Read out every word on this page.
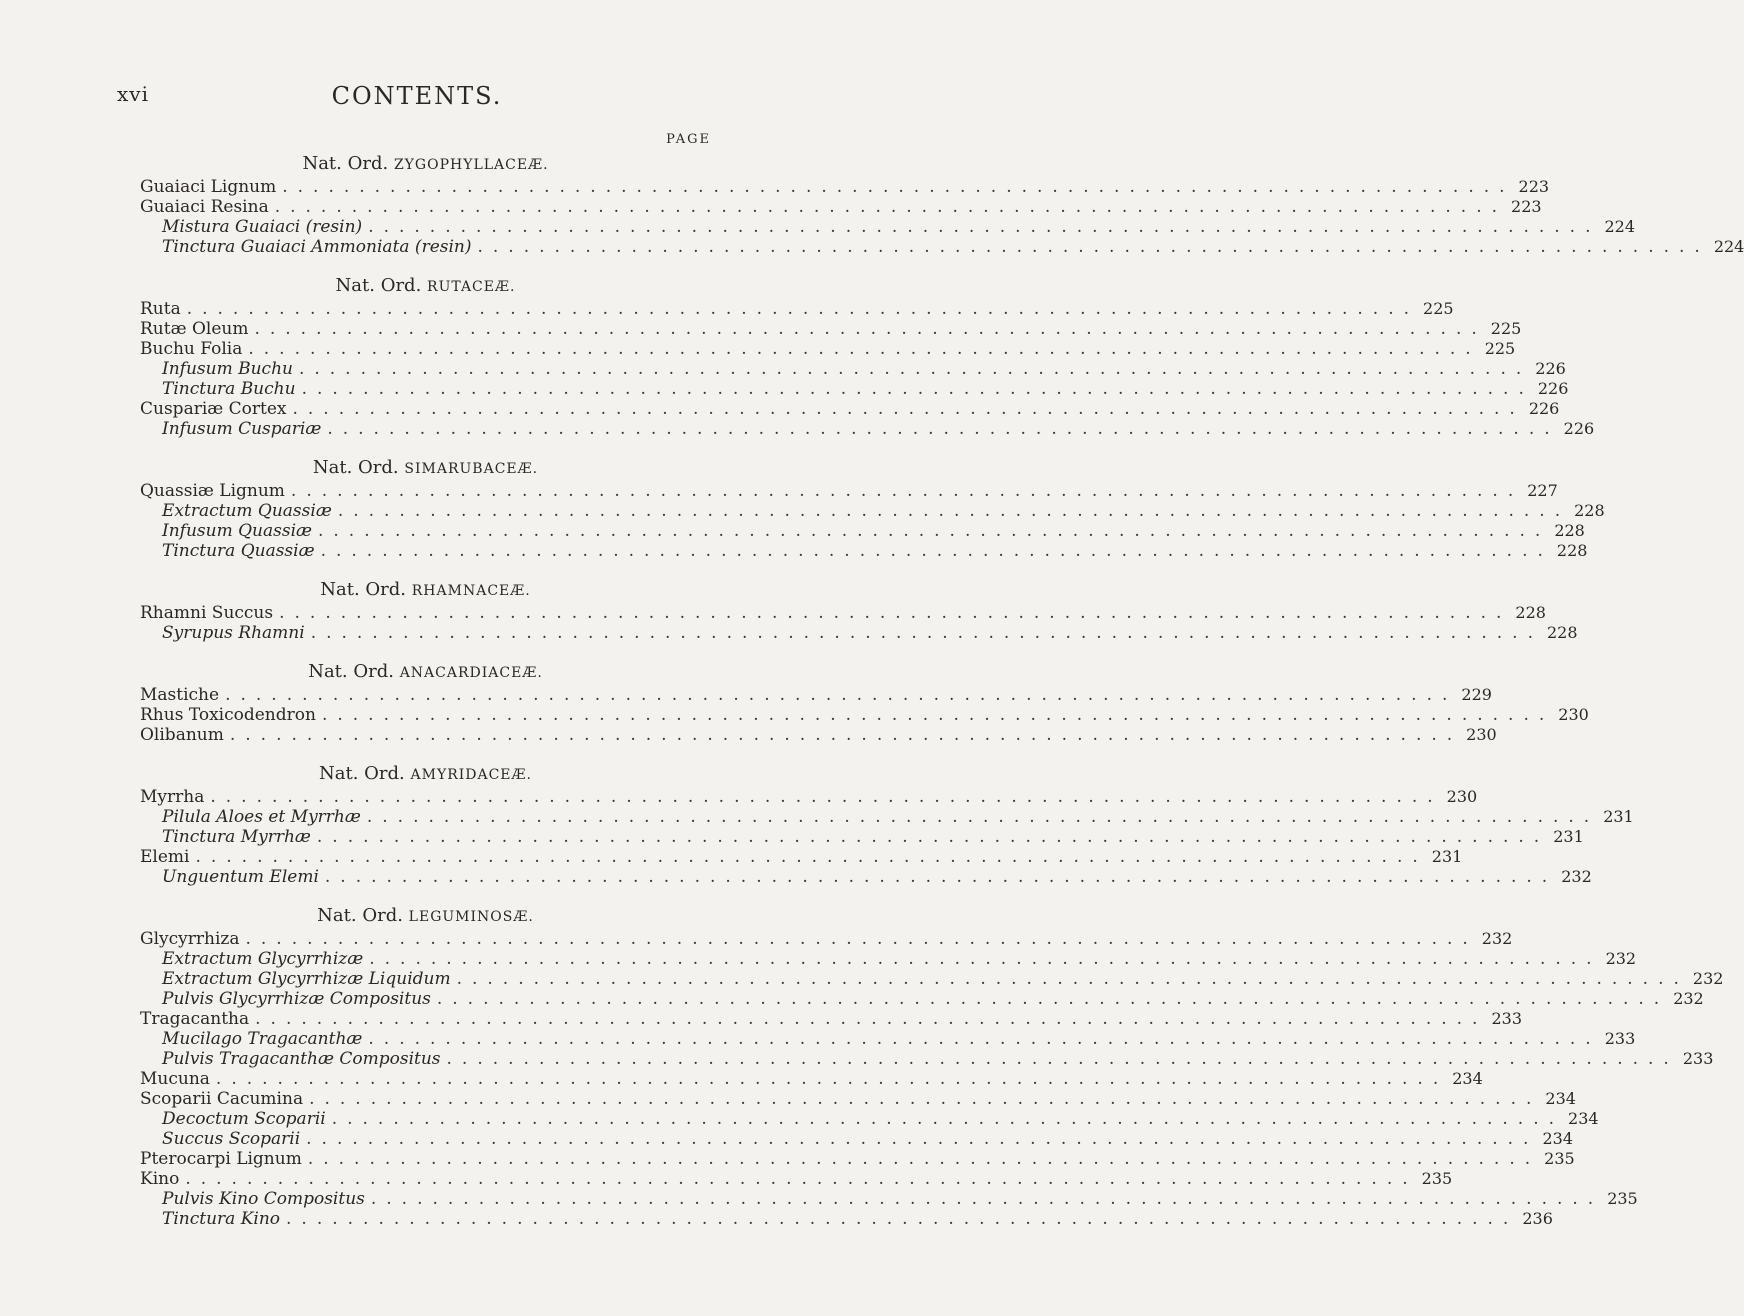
xvi	CONTENTS.
PAGE
Nat. Ord. ZYGOPHYLLACEÆ.
Guaiaci Lignum ................................................................................ 223
Guaiaci Resina ................................................................................ 223
Mistura Guaiaci (resin) ................................................................................ 224
Tinctura Guaiaci Ammoniata (resin) ................................................................................ 224
Nat. Ord. RUTACEÆ.
Ruta ................................................................................ 225
Rutæ Oleum ................................................................................ 225
Buchu Folia ................................................................................ 225
Infusum Buchu ................................................................................ 226
Tinctura Buchu ................................................................................ 226
Cuspariæ Cortex ................................................................................ 226
Infusum Cuspariæ ................................................................................ 226
Nat. Ord. SIMARUBACEÆ.
Quassiæ Lignum ................................................................................ 227
Extractum Quassiæ ................................................................................ 228
Infusum Quassiæ ................................................................................ 228
Tinctura Quassiæ ................................................................................ 228
Nat. Ord. RHAMNACEÆ.
Rhamni Succus ................................................................................ 228
Syrupus Rhamni ................................................................................ 228
Nat. Ord. ANACARDIACEÆ.
Mastiche ................................................................................ 229
Rhus Toxicodendron ................................................................................ 230
Olibanum ................................................................................ 230
Nat. Ord. AMYRIDACEÆ.
Myrrha ................................................................................ 230
Pilula Aloes et Myrrhæ ................................................................................ 231
Tinctura Myrrhæ ................................................................................ 231
Elemi ................................................................................ 231
Unguentum Elemi ................................................................................ 232
Nat. Ord. LEGUMINOSÆ.
Glycyrrhiza ................................................................................ 232
Extractum Glycyrrhizæ ................................................................................ 232
Extractum Glycyrrhizæ Liquidum ................................................................................ 232
Pulvis Glycyrrhizæ Compositus ................................................................................ 232
Tragacantha ................................................................................ 233
Mucilago Tragacanthæ ................................................................................ 233
Pulvis Tragacanthæ Compositus ................................................................................ 233
Mucuna ................................................................................ 234
Scoparii Cacumina ................................................................................ 234
Decoctum Scoparii ................................................................................ 234
Succus Scoparii ................................................................................ 234
Pterocarpi Lignum ................................................................................ 235
Kino ................................................................................ 235
Pulvis Kino Compositus ................................................................................ 235
Tinctura Kino ................................................................................ 236
